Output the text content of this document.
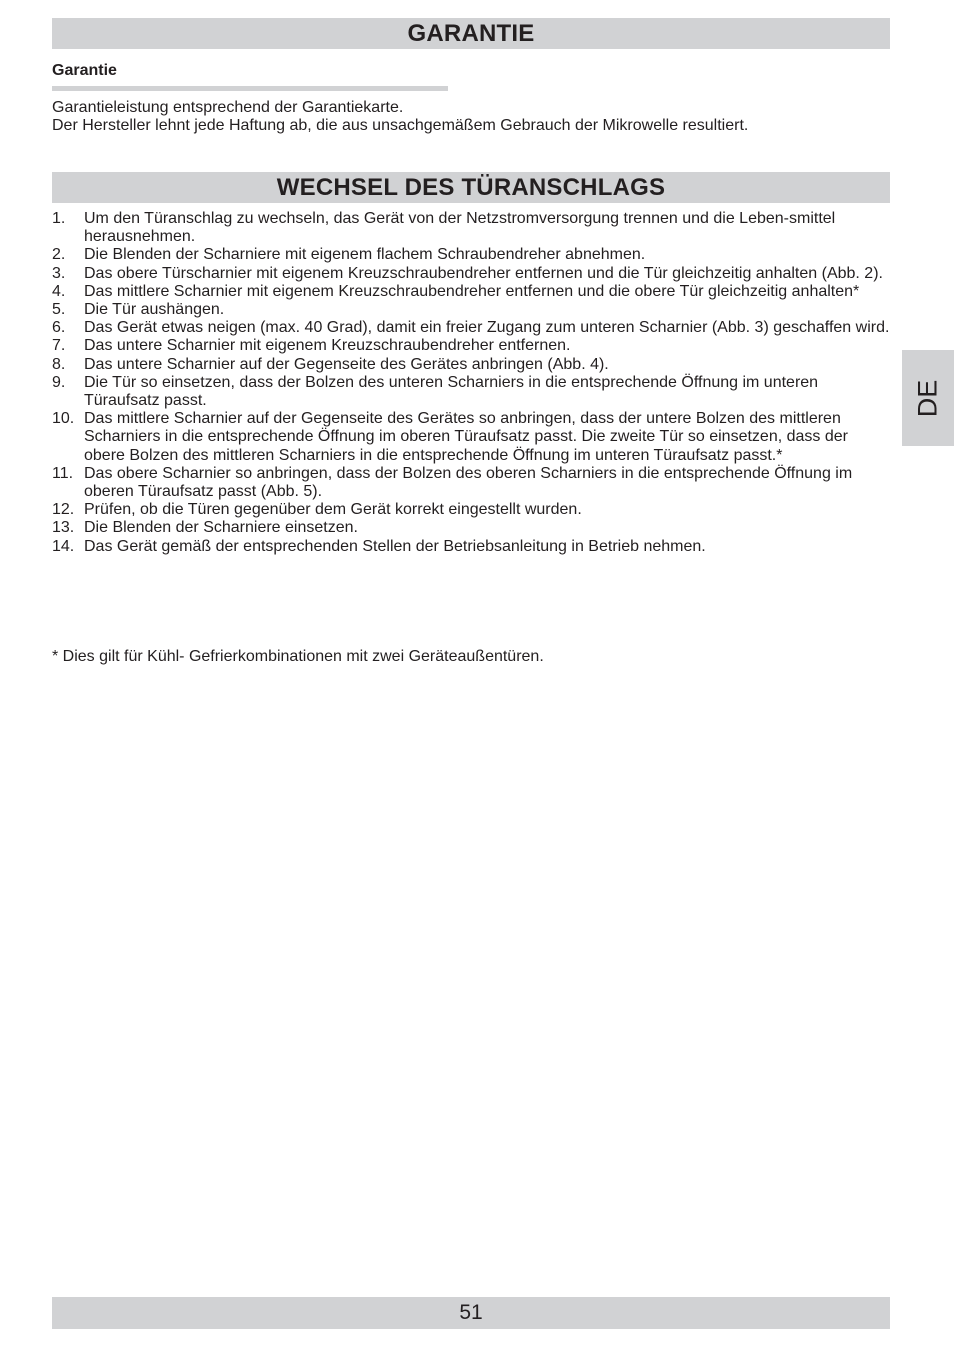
GARANTIE
Garantie
Garantieleistung entsprechend der Garantiekarte.
Der Hersteller lehnt jede Haftung ab, die aus unsachgemäßem Gebrauch der Mikrowelle resultiert.
WECHSEL DES TÜRANSCHLAGS
1. Um den Türanschlag zu wechseln, das Gerät von der Netzstromversorgung trennen und die Leben-smittel herausnehmen.
2. Die Blenden der Scharniere mit eigenem flachem Schraubendreher abnehmen.
3. Das obere Türscharnier mit eigenem Kreuzschraubendreher entfernen und die Tür gleichzeitig anhalten (Abb. 2).
4. Das mittlere Scharnier mit eigenem Kreuzschraubendreher entfernen und die obere Tür gleichzeitig anhalten*
5. Die Tür aushängen.
6. Das Gerät etwas neigen (max. 40 Grad), damit ein freier Zugang zum unteren Scharnier (Abb. 3) geschaffen wird.
7. Das untere Scharnier mit eigenem Kreuzschraubendreher entfernen.
8. Das untere Scharnier auf der Gegenseite des Gerätes anbringen (Abb. 4).
9. Die Tür so einsetzen, dass der Bolzen des unteren Scharniers in die entsprechende Öffnung im unteren Türaufsatz passt.
10. Das mittlere Scharnier auf der Gegenseite des Gerätes so anbringen, dass der untere Bolzen des mittleren Scharniers in die entsprechende Öffnung im oberen Türaufsatz passt. Die zweite Tür so einsetzen, dass der obere Bolzen des mittleren Scharniers in die entsprechende Öffnung im unteren Türaufsatz passt.*
11. Das obere Scharnier so anbringen, dass der Bolzen des oberen Scharniers in die entsprechende Öffnung im oberen Türaufsatz passt (Abb. 5).
12. Prüfen, ob die Türen gegenüber dem Gerät korrekt eingestellt wurden.
13. Die Blenden der Scharniere einsetzen.
14. Das Gerät gemäß der entsprechenden Stellen der Betriebsanleitung in Betrieb nehmen.
* Dies gilt für Kühl- Gefrierkombinationen mit zwei Geräteaußentüren.
DE
51
